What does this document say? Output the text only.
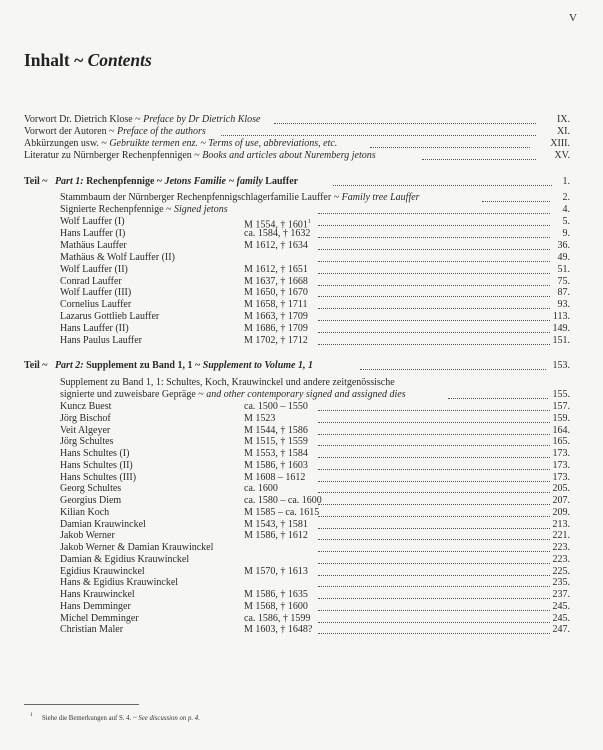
V
Inhalt ~ Contents
Vorwort Dr. Dietrich Klose ~ Preface by Dr Dietrich Klose	IX.
Vorwort der Autoren ~ Preface of the authors	XI.
Abkürzungen usw. ~ Gebruikte termen enz. ~ Terms of use, abbreviations, etc.	XIII.
Literatur zu Nürnberger Rechenpfennigen ~ Books and articles about Nuremberg jetons	XV.
Teil ~ Part 1: Rechenpfennige ~ Jetons Familie ~ family Lauffer	1.
Stammbaum der Nürnberger Rechenpfennigschlagerfamilie Lauffer ~ Family tree Lauffer	2.
Signierte Rechenpfennige ~ Signed jetons	4.
Wolf Lauffer (I)	M 1554, † 1601$^1$	5.
Hans Lauffer (I)	ca. 1584, † 1632	9.
Mathäus Lauffer	M 1612, † 1634	36.
Mathäus & Wolf Lauffer (II)	49.
Wolf Lauffer (II)	M 1612, † 1651	51.
Conrad Lauffer	M 1637, † 1668	75.
Wolf Lauffer (III)	M 1650, † 1670	87.
Cornelius Lauffer	M 1658, † 1711	93.
Lazarus Gottlieb Lauffer	M 1663, † 1709	113.
Hans Lauffer (II)	M 1686, † 1709	149.
Hans Paulus Lauffer	M 1702, † 1712	151.
Teil ~ Part 2: Supplement zu Band 1, 1 ~ Supplement to Volume 1, 1	153.
Supplement zu Band 1, 1: Schultes, Koch, Krauwinckel und andere zeitgenössische
signierte und zuweisbare Gepräge ~ and other contemporary signed and assigned dies	155.
Kuncz Buest	ca. 1500 – 1550	157.
Jörg Bischof	M 1523	159.
Veit Algeyer	M 1544, † 1586	164.
Jörg Schultes	M 1515, † 1559	165.
Hans Schultes (I)	M 1553, † 1584	173.
Hans Schultes (II)	M 1586, † 1603	173.
Hans Schultes (III)	M 1608 – 1612	173.
Georg Schultes	ca. 1600	205.
Georgius Diem	ca. 1580 – ca. 1600	207.
Kilian Koch	M 1585 – ca. 1615	209.
Damian Krauwinckel	M 1543, † 1581	213.
Jakob Werner	M 1586, † 1612	221.
Jakob Werner & Damian Krauwinckel	223.
Damian & Egidius Krauwinckel	223.
Egidius Krauwinckel	M 1570, † 1613	225.
Hans & Egidius Krauwinckel	235.
Hans Krauwinckel	M 1586, † 1635	237.
Hans Demminger	M 1568, † 1600	245.
Michel Demminger	ca. 1586, † 1599	245.
Christian Maler	M 1603, † 1648?	247.
1 Siehe die Bemerkungen auf S. 4. ~ See discussion on p. 4.
